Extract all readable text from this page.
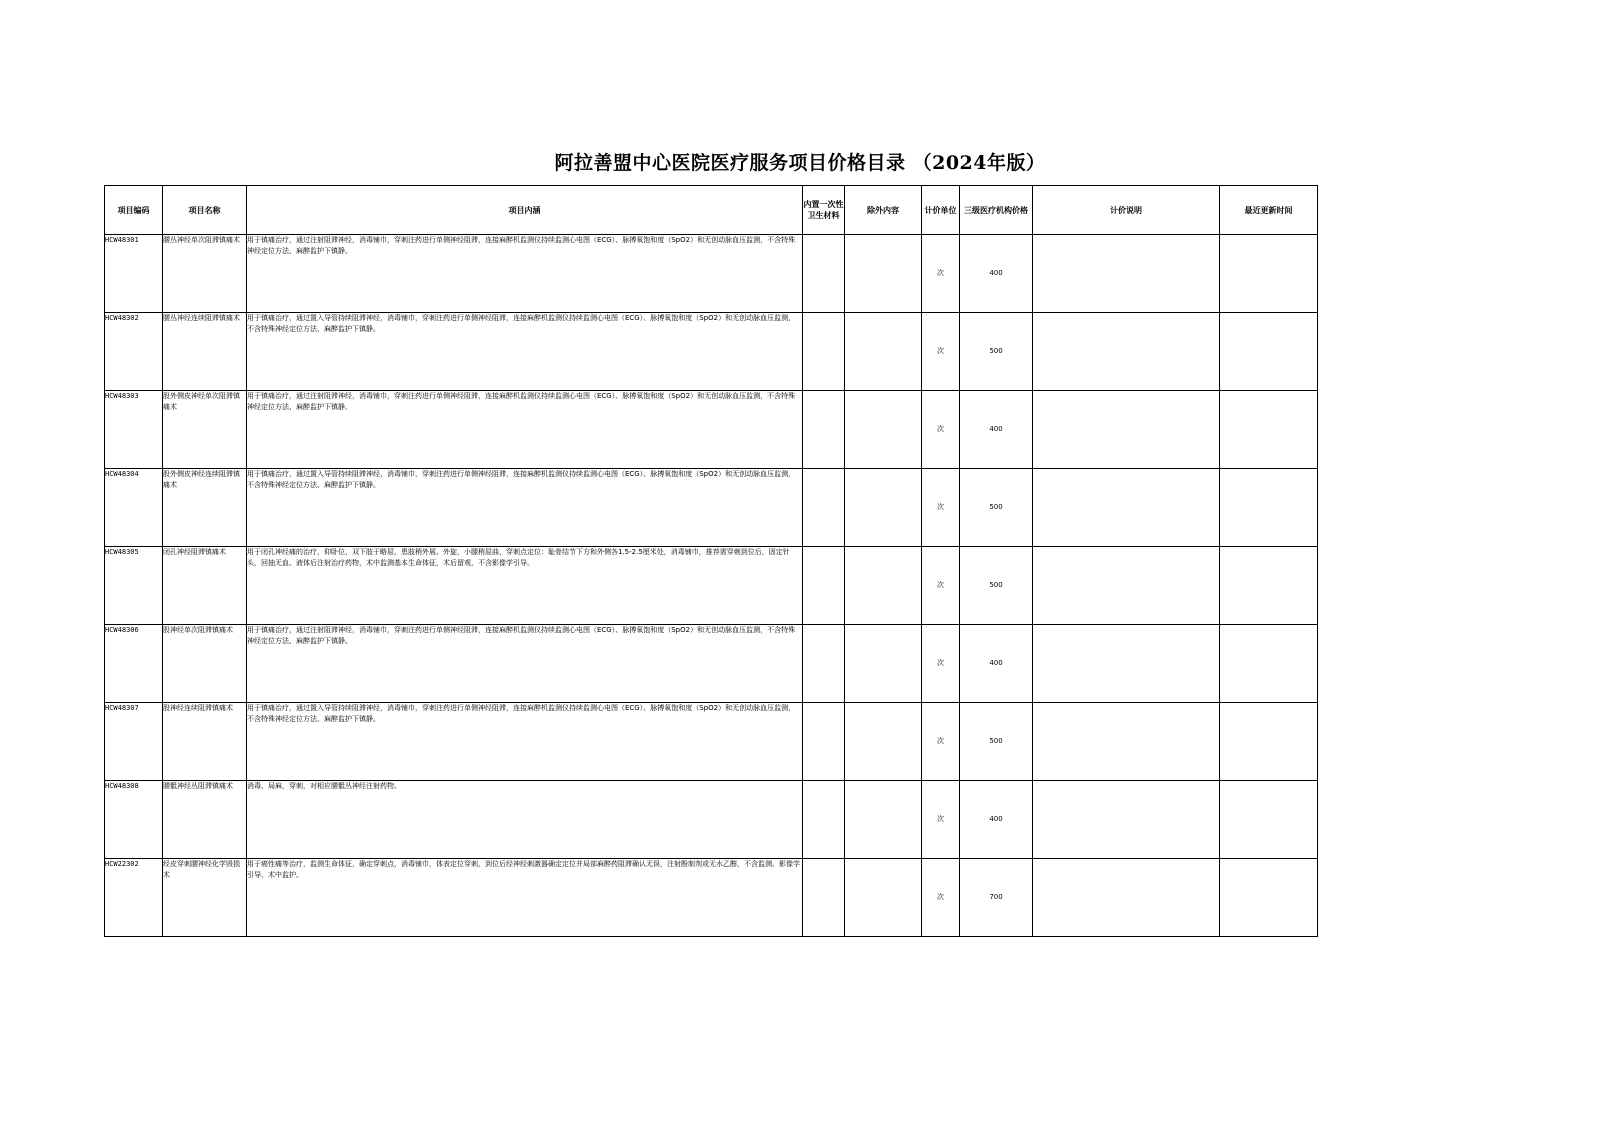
阿拉善盟中心医院医疗服务项目价格目录 （2024年版）
项目编码	项目名称	项目内涵	内置一次性卫生材料	除外内容	计价单位	三级医疗机构价格	计价说明	最近更新时间
HCW48301	腰丛神经单次阻滞镇痛术	用于镇痛治疗，通过注射阻滞神经，消毒铺巾，穿刺注药进行单侧神经阻滞，连接麻醉机监测仪持续监测心电图（ECG）、脉搏氧饱和度（SpO2）和无创动脉血压监测，不含特殊神经定位方法、麻醉监护下镇静。			次	400		
HCW48302	腰丛神经连续阻滞镇痛术	用于镇痛治疗，通过置入导管持续阻滞神经，消毒铺巾，穿刺注药进行单侧神经阻滞，连接麻醉机监测仪持续监测心电图（ECG）、脉搏氧饱和度（SpO2）和无创动脉血压监测，不含特殊神经定位方法、麻醉监护下镇静。			次	500		
HCW48303	股外侧皮神经单次阻滞镇痛术	用于镇痛治疗，通过注射阻滞神经，消毒铺巾，穿刺注药进行单侧神经阻滞，连接麻醉机监测仪持续监测心电图（ECG）、脉搏氧饱和度（SpO2）和无创动脉血压监测，不含特殊神经定位方法、麻醉监护下镇静。			次	400		
HCW48304	股外侧皮神经连续阻滞镇痛术	用于镇痛治疗，通过置入导管持续阻滞神经，消毒铺巾，穿刺注药进行单侧神经阻滞，连接麻醉机监测仪持续监测心电图（ECG）、脉搏氧饱和度（SpO2）和无创动脉血压监测，不含特殊神经定位方法、麻醉监护下镇静。			次	500		
HCW48305	闭孔神经阻滞镇痛术	用于闭孔神经痛的治疗，仰卧位，双下肢于略屈，患肢稍外展、外旋，小腿稍屈曲，穿刺点定位：耻骨结节下方和外侧各1.5-2.5厘米处，消毒铺巾，推荐需穿刺到位后，固定针头，回抽无血、液体后注射治疗药物，术中监测基本生命体征，术后留观，不含影像学引导。			次	500		
HCW48306	股神经单次阻滞镇痛术	用于镇痛治疗，通过注射阻滞神经，消毒铺巾，穿刺注药进行单侧神经阻滞，连接麻醉机监测仪持续监测心电图（ECG）、脉搏氧饱和度（SpO2）和无创动脉血压监测，不含特殊神经定位方法、麻醉监护下镇静。			次	400		
HCW48307	股神经连续阻滞镇痛术	用于镇痛治疗，通过置入导管持续阻滞神经，消毒铺巾，穿刺注药进行单侧神经阻滞，连接麻醉机监测仪持续监测心电图（ECG）、脉搏氧饱和度（SpO2）和无创动脉血压监测，不含特殊神经定位方法、麻醉监护下镇静。			次	500		
HCW48308	腰骶神经丛阻滞镇痛术	消毒、局麻，穿刺，对相应腰骶丛神经注射药物。			次	400		
HCW22302	经皮穿刺腰神经化学毁损术	用于癌性痛等治疗，监测生命体征，确定穿刺点，消毒铺巾，体表定位穿刺，到位后经神经刺激器确定定位并局部麻醉药阻滞确认无误，注射酚制剂或无水乙醇，不含监测、影像学引导、术中监护。			次	700		
